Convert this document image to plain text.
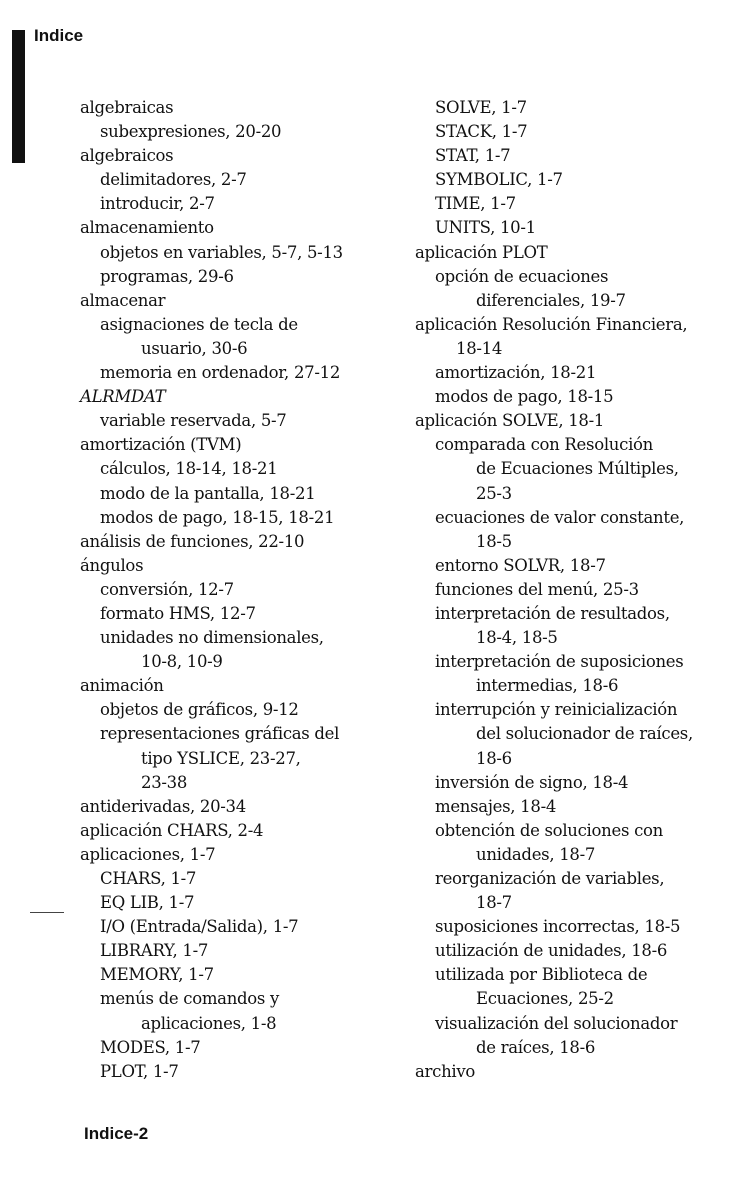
Indice
algebraicas
subexpresiones, 20-20
algebraicos
delimitadores, 2-7
introducir, 2-7
almacenamiento
objetos en variables, 5-7, 5-13
programas, 29-6
almacenar
asignaciones de tecla de
usuario, 30-6
memoria en ordenador, 27-12
ALRMDAT
variable reservada, 5-7
amortización (TVM)
cálculos, 18-14, 18-21
modo de la pantalla, 18-21
modos de pago, 18-15, 18-21
análisis de funciones, 22-10
ángulos
conversión, 12-7
formato HMS, 12-7
unidades no dimensionales,
10-8, 10-9
animación
objetos de gráficos, 9-12
representaciones gráficas del
tipo YSLICE, 23-27,
23-38
antiderivadas, 20-34
aplicación CHARS, 2-4
aplicaciones, 1-7
CHARS, 1-7
EQ LIB, 1-7
I/O (Entrada/Salida), 1-7
LIBRARY, 1-7
MEMORY, 1-7
menús de comandos y
aplicaciones, 1-8
MODES, 1-7
PLOT, 1-7
SOLVE, 1-7
STACK, 1-7
STAT, 1-7
SYMBOLIC, 1-7
TIME, 1-7
UNITS, 10-1
aplicación PLOT
opción de ecuaciones
diferenciales, 19-7
aplicación Resolución Financiera,
18-14
amortización, 18-21
modos de pago, 18-15
aplicación SOLVE, 18-1
comparada con Resolución
de Ecuaciones Múltiples,
25-3
ecuaciones de valor constante,
18-5
entorno SOLVR, 18-7
funciones del menú, 25-3
interpretación de resultados,
18-4, 18-5
interpretación de suposiciones
intermedias, 18-6
interrupción y reinicialización
del solucionador de raíces,
18-6
inversión de signo, 18-4
mensajes, 18-4
obtención de soluciones con
unidades, 18-7
reorganización de variables,
18-7
suposiciones incorrectas, 18-5
utilización de unidades, 18-6
utilizada por Biblioteca de
Ecuaciones, 25-2
visualización del solucionador
de raíces, 18-6
archivo
Indice-2
